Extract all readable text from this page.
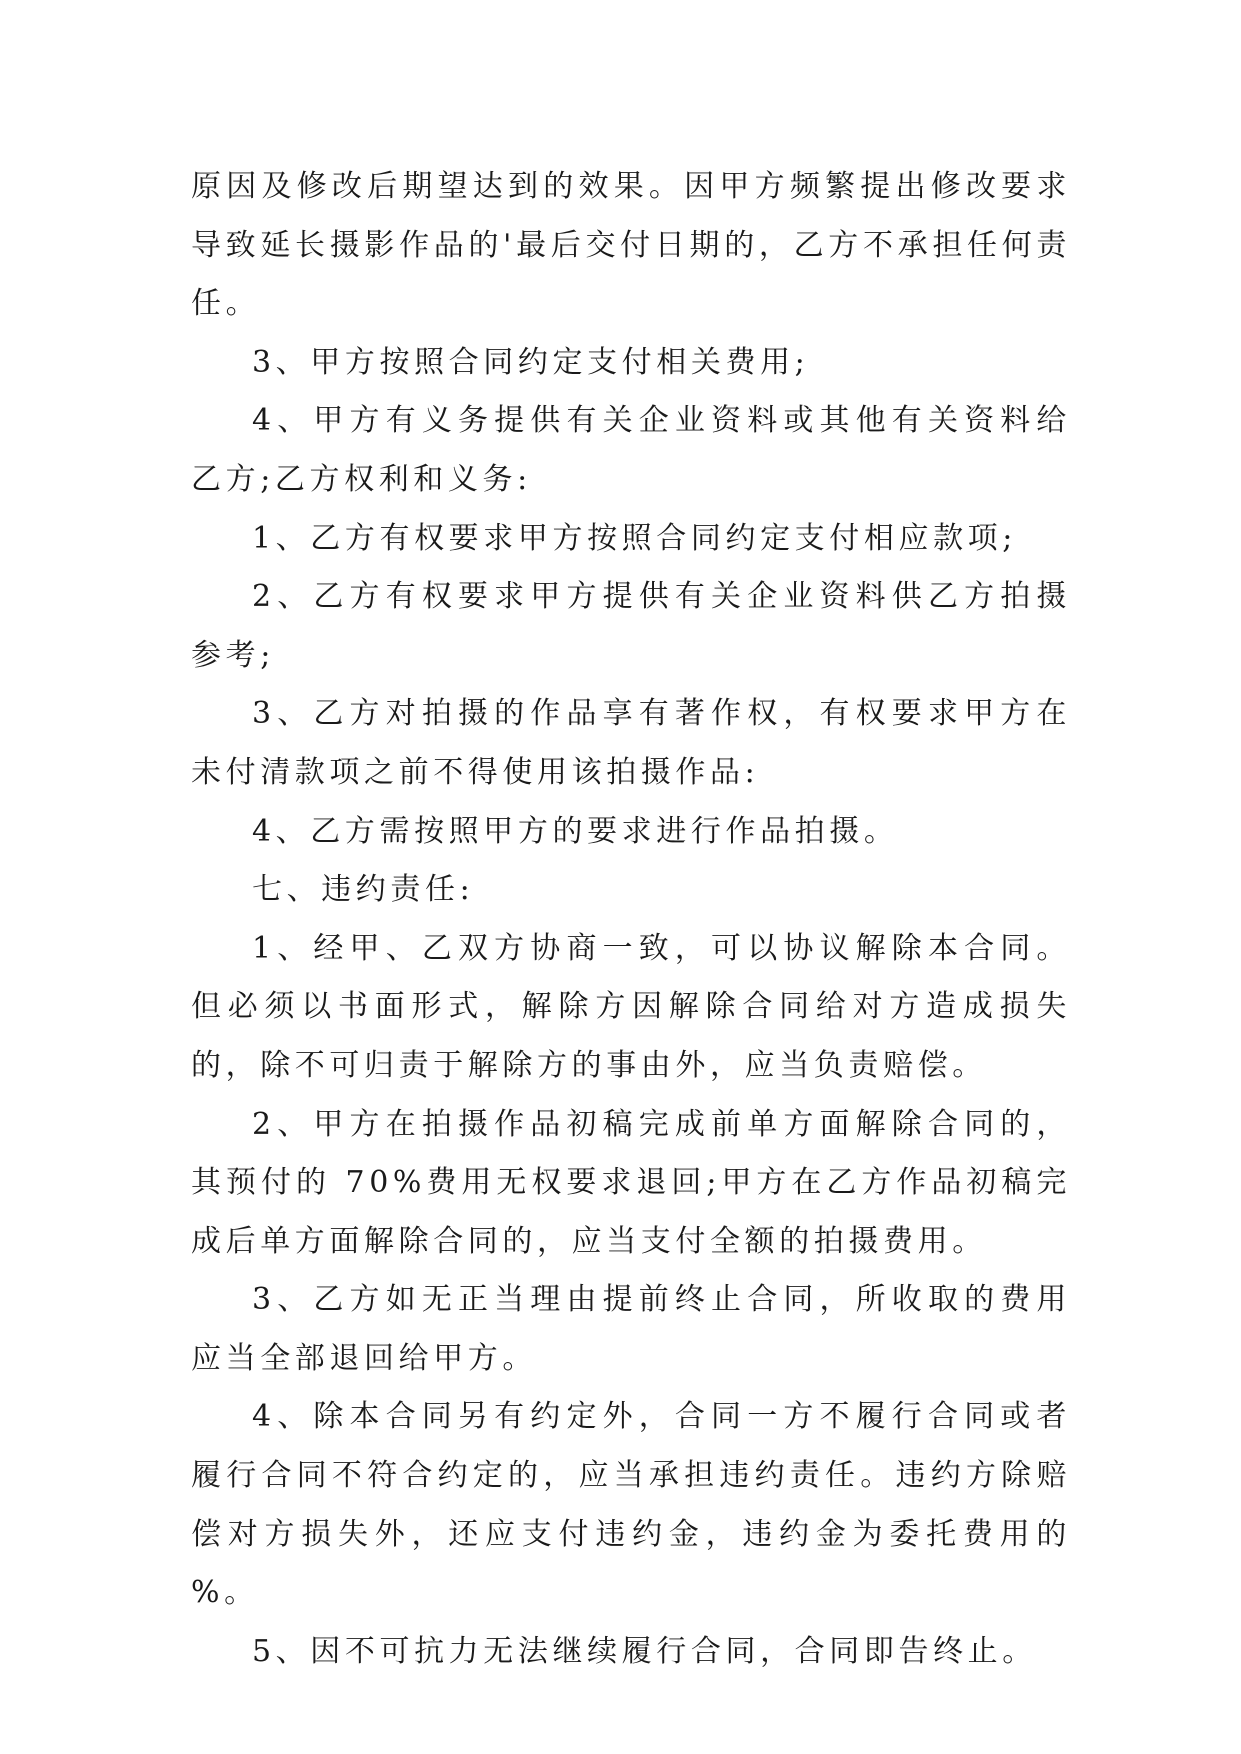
原因及修改后期望达到的效果。因甲方频繁提出修改要求导致延长摄影作品的'最后交付日期的，乙方不承担任何责任。

3、甲方按照合同约定支付相关费用;

4、甲方有义务提供有关企业资料或其他有关资料给乙方;乙方权利和义务:

1、乙方有权要求甲方按照合同约定支付相应款项;

2、乙方有权要求甲方提供有关企业资料供乙方拍摄参考;

3、乙方对拍摄的作品享有著作权，有权要求甲方在未付清款项之前不得使用该拍摄作品:

4、乙方需按照甲方的要求进行作品拍摄。

七、违约责任:

1、经甲、乙双方协商一致，可以协议解除本合同。但必须以书面形式，解除方因解除合同给对方造成损失的，除不可归责于解除方的事由外，应当负责赔偿。

2、甲方在拍摄作品初稿完成前单方面解除合同的，其预付的 70%费用无权要求退回;甲方在乙方作品初稿完成后单方面解除合同的，应当支付全额的拍摄费用。

3、乙方如无正当理由提前终止合同，所收取的费用应当全部退回给甲方。

4、除本合同另有约定外，合同一方不履行合同或者履行合同不符合约定的，应当承担违约责任。违约方除赔偿对方损失外，还应支付违约金，违约金为委托费用的 %。

5、因不可抗力无法继续履行合同，合同即告终止。
